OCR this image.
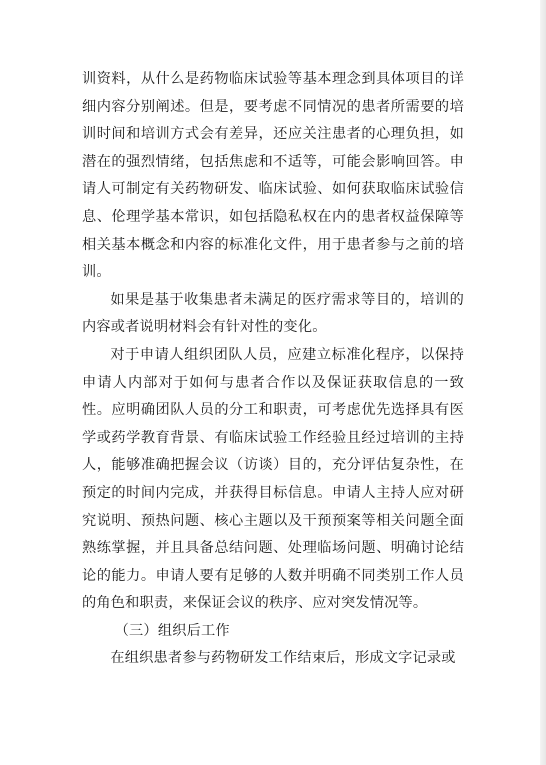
训资料，从什么是药物临床试验等基本理念到具体项目的详细内容分别阐述。但是，要考虑不同情况的患者所需要的培训时间和培训方式会有差异，还应关注患者的心理负担，如潜在的强烈情绪，包括焦虑和不适等，可能会影响回答。申请人可制定有关药物研发、临床试验、如何获取临床试验信息、伦理学基本常识，如包括隐私权在内的患者权益保障等相关基本概念和内容的标准化文件，用于患者参与之前的培训。

如果是基于收集患者未满足的医疗需求等目的，培训的内容或者说明材料会有针对性的变化。

对于申请人组织团队人员，应建立标准化程序，以保持申请人内部对于如何与患者合作以及保证获取信息的一致性。应明确团队人员的分工和职责，可考虑优先选择具有医学或药学教育背景、有临床试验工作经验且经过培训的主持人，能够准确把握会议（访谈）目的，充分评估复杂性，在预定的时间内完成，并获得目标信息。申请人主持人应对研究说明、预热问题、核心主题以及干预预案等相关问题全面熟练掌握，并且具备总结问题、处理临场问题、明确讨论结论的能力。申请人要有足够的人数并明确不同类别工作人员的角色和职责，来保证会议的秩序、应对突发情况等。

（三）组织后工作

在组织患者参与药物研发工作结束后，形成文字记录或
